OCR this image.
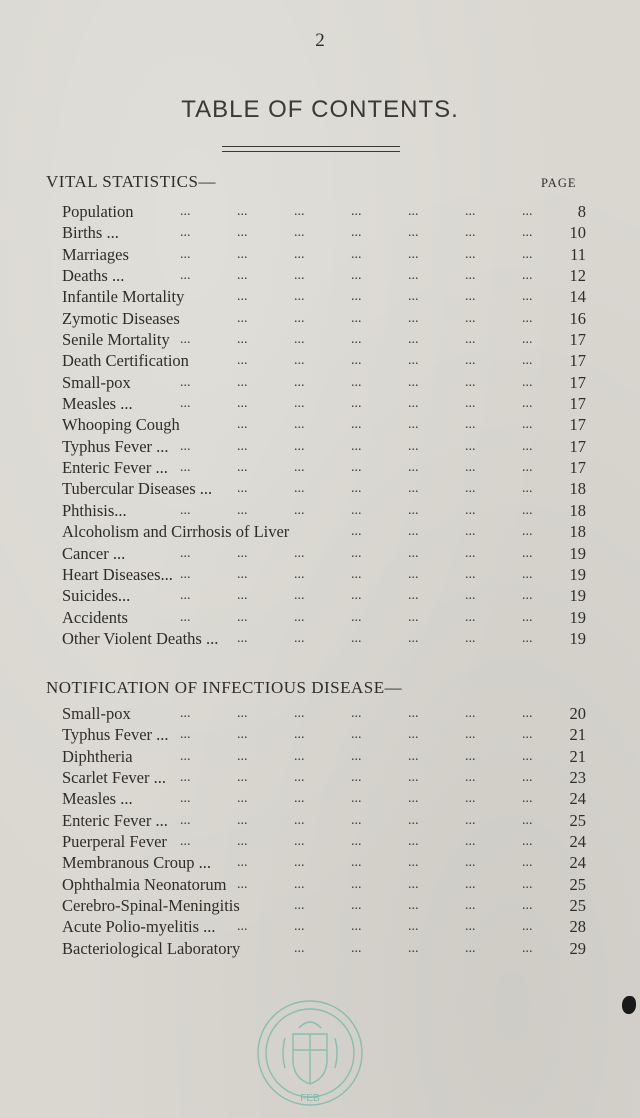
2
TABLE OF CONTENTS.
VITAL STATISTICS—	PAGE
...	...	...	...	...	...	...
Population	8
...	...	...	...	...	...	...
Births ...	10
...	...	...	...	...	...	...
Marriages	11
...	...	...	...	...	...	...
Deaths ...	12
...	...	...	...	...	...
Infantile Mortality	14
...	...	...	...	...	...
Zymotic Diseases	16
...	...	...	...	...	...	...
Senile Mortality	17
...	...	...	...	...	...
Death Certification	17
...	...	...	...	...	...	...
Small-pox	17
...	...	...	...	...	...	...
Measles ...	17
...	...	...	...	...	...
Whooping Cough	17
...	...	...	...	...	...	...
Typhus Fever ...	17
...	...	...	...	...	...	...
Enteric Fever ...	17
...	...	...	...	...	...
Tubercular Diseases ...	18
...	...	...	...	...	...	...
Phthisis...	18
...	...	...	...
Alcoholism and Cirrhosis of Liver	18
...	...	...	...	...	...	...
Cancer ...	19
...	...	...	...	...	...	...
Heart Diseases...	19
...	...	...	...	...	...	...
Suicides...	19
...	...	...	...	...	...	...
Accidents	19
...	...	...	...	...	...
Other Violent Deaths ...	19
NOTIFICATION OF INFECTIOUS DISEASE—
...	...	...	...	...	...	...
Small-pox	20
...	...	...	...	...	...	...
Typhus Fever ...	21
...	...	...	...	...	...	...
Diphtheria	21
...	...	...	...	...	...	...
Scarlet Fever ...	23
...	...	...	...	...	...	...
Measles ...	24
...	...	...	...	...	...	...
Enteric Fever ...	25
...	...	...	...	...	...	...
Puerperal Fever	24
...	...	...	...	...	...
Membranous Croup ...	24
...	...	...	...	...	...
Ophthalmia Neonatorum	25
...	...	...	...	...
Cerebro-Spinal-Meningitis	25
...	...	...	...	...	...
Acute Polio-myelitis ...	28
...	...	...	...	...
Bacteriological Laboratory	29
FEB
